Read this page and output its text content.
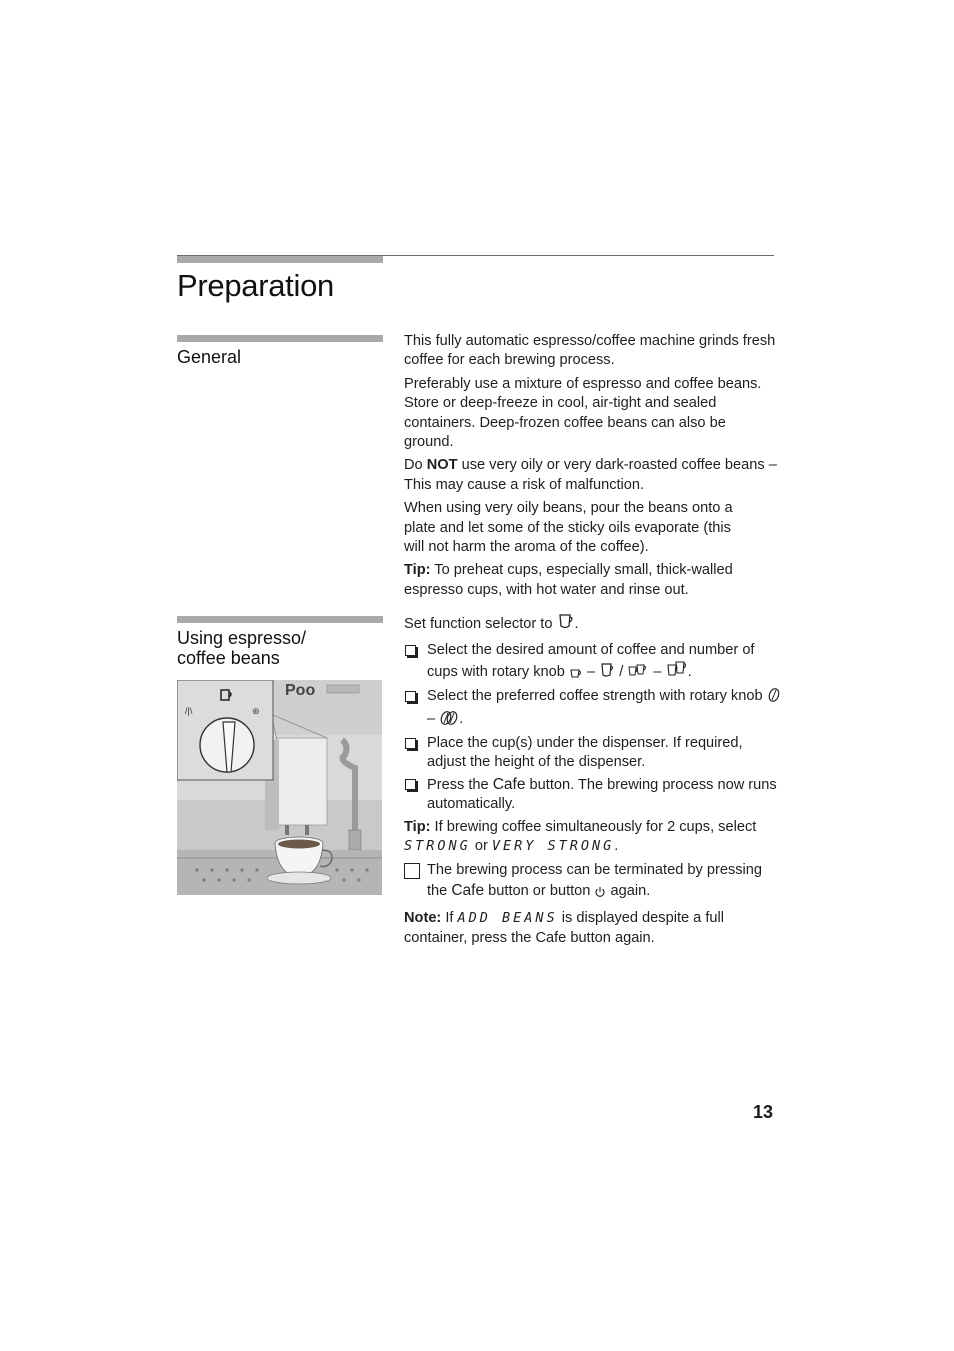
Preparation
General

This fully automatic espresso/coffee machine grinds fresh coffee for each brewing process.

Preferably use a mixture of espresso and coffee beans. Store or deep-freeze in cool, air-tight and sealed containers. Deep-frozen coffee beans can also be ground.

Do NOT use very oily or very dark-roasted coffee beans – This may cause a risk of malfunction.

When using very oily beans, pour the beans onto a plate and let some of the sticky oils evaporate (this will not harm the aroma of the coffee).

Tip: To preheat cups, especially small, thick-walled espresso cups, with hot water and rinse out.

Using espresso/ coffee beans
Ρoo
/|\	⊛

Set function selector to .

Select the desired amount of coffee and number of cups with rotary knob  –  /  – .
Select the preferred coffee strength with rotary knob  – .
Place the cup(s) under the dispenser. If required, adjust the height of the dispenser.
Press the Cafe button. The brewing process now runs automatically.

Tip: If brewing coffee simultaneously for 2 cups, select STRONG or VERY STRONG.

The brewing process can be terminated by pressing the Cafe button or button again.

Note: If ADD BEANS is displayed despite a full container, press the Cafe button again.

13
